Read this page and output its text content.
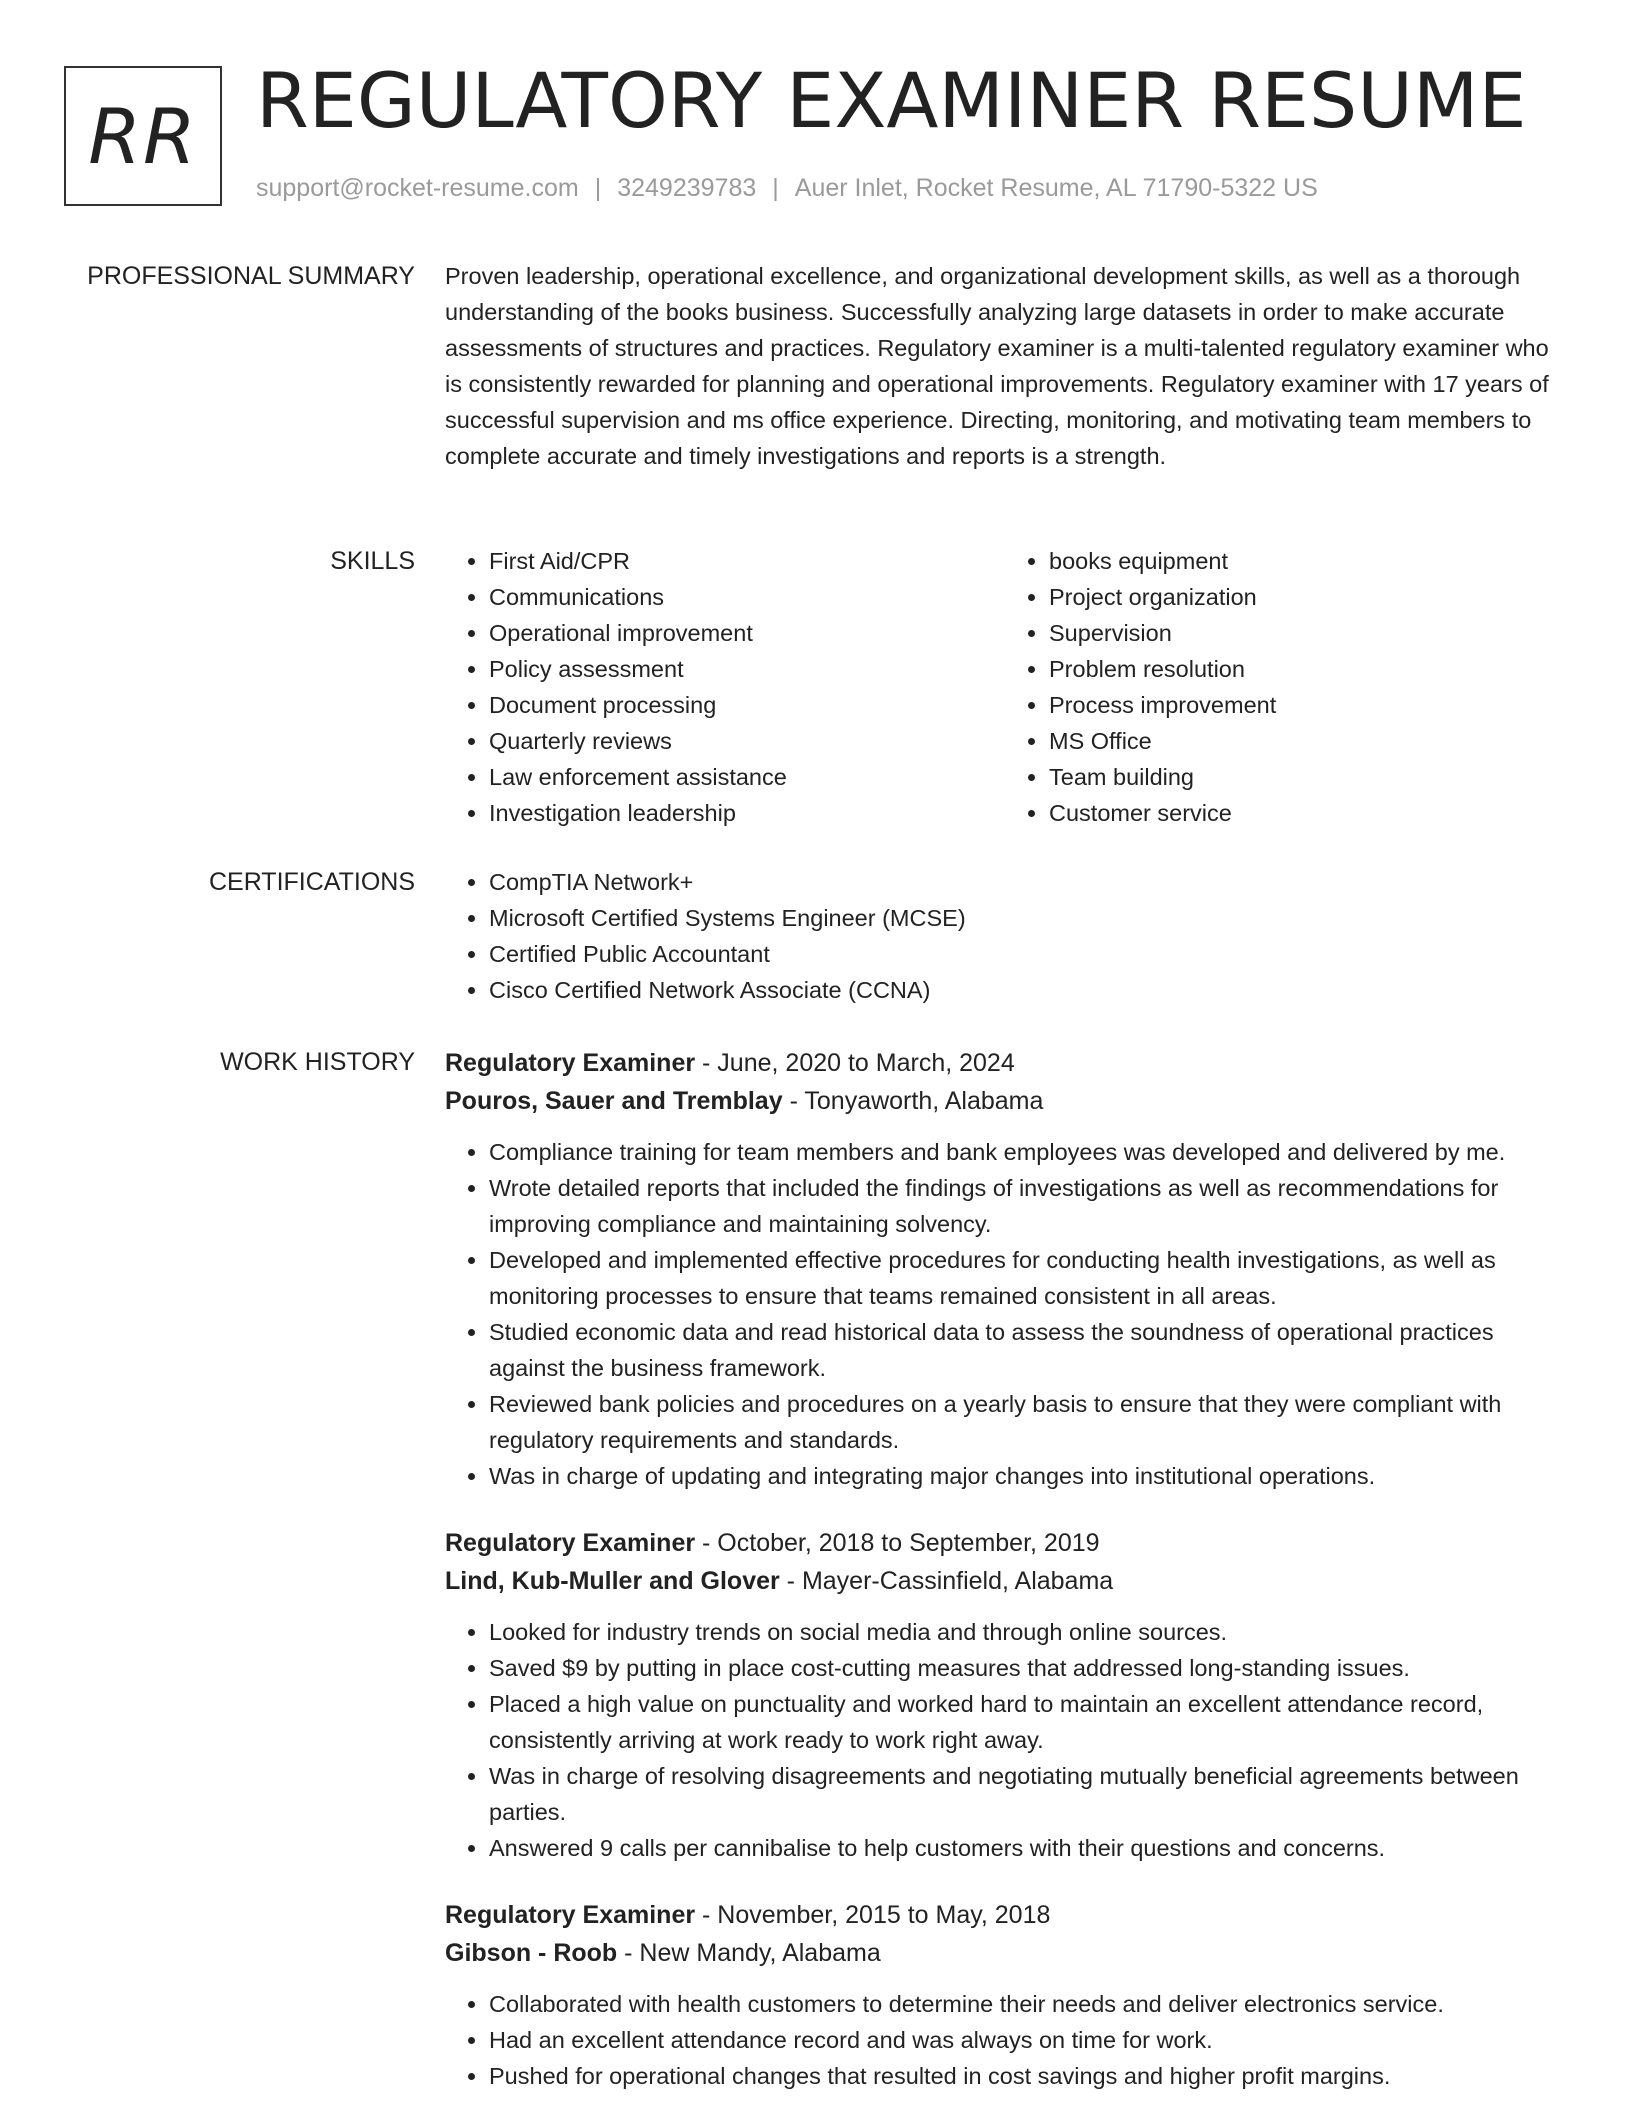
RR REGULATORY EXAMINER RESUME
support@rocket-resume.com | 3249239783 | Auer Inlet, Rocket Resume, AL 71790-5322 US
PROFESSIONAL SUMMARY Proven leadership, operational excellence, and organizational development skills, as well as a thorough understanding of the books business. Successfully analyzing large datasets in order to make accurate assessments of structures and practices. Regulatory examiner is a multi-talented regulatory examiner who is consistently rewarded for planning and operational improvements. Regulatory examiner with 17 years of successful supervision and ms office experience. Directing, monitoring, and motivating team members to complete accurate and timely investigations and reports is a strength.
SKILLS	• First Aid/CPR
• Communications
• Operational improvement
• Policy assessment
• Document processing
• Quarterly reviews
• Law enforcement assistance
• Investigation leadership
• books equipment
• Project organization
• Supervision
• Problem resolution
• Process improvement
• MS Office
• Team building
• Customer service
CERTIFICATIONS	• CompTIA Network+
• Microsoft Certified Systems Engineer (MCSE)
• Certified Public Accountant
• Cisco Certified Network Associate (CCNA)
WORK HISTORY Regulatory Examiner - June, 2020 to March, 2024
Pouros, Sauer and Tremblay - Tonyaworth, Alabama
• Compliance training for team members and bank employees was developed and delivered by me.
• Wrote detailed reports that included the findings of investigations as well as recommendations for improving compliance and maintaining solvency.
• Developed and implemented effective procedures for conducting health investigations, as well as monitoring processes to ensure that teams remained consistent in all areas.
• Studied economic data and read historical data to assess the soundness of operational practices against the business framework.
• Reviewed bank policies and procedures on a yearly basis to ensure that they were compliant with regulatory requirements and standards.
• Was in charge of updating and integrating major changes into institutional operations.
Regulatory Examiner - October, 2018 to September, 2019
Lind, Kub-Muller and Glover - Mayer-Cassinfield, Alabama
• Looked for industry trends on social media and through online sources.
• Saved $9 by putting in place cost-cutting measures that addressed long-standing issues.
• Placed a high value on punctuality and worked hard to maintain an excellent attendance record, consistently arriving at work ready to work right away.
• Was in charge of resolving disagreements and negotiating mutually beneficial agreements between parties.
• Answered 9 calls per cannibalise to help customers with their questions and concerns.
Regulatory Examiner - November, 2015 to May, 2018
Gibson - Roob - New Mandy, Alabama
• Collaborated with health customers to determine their needs and deliver electronics service.
• Had an excellent attendance record and was always on time for work.
• Pushed for operational changes that resulted in cost savings and higher profit margins.
